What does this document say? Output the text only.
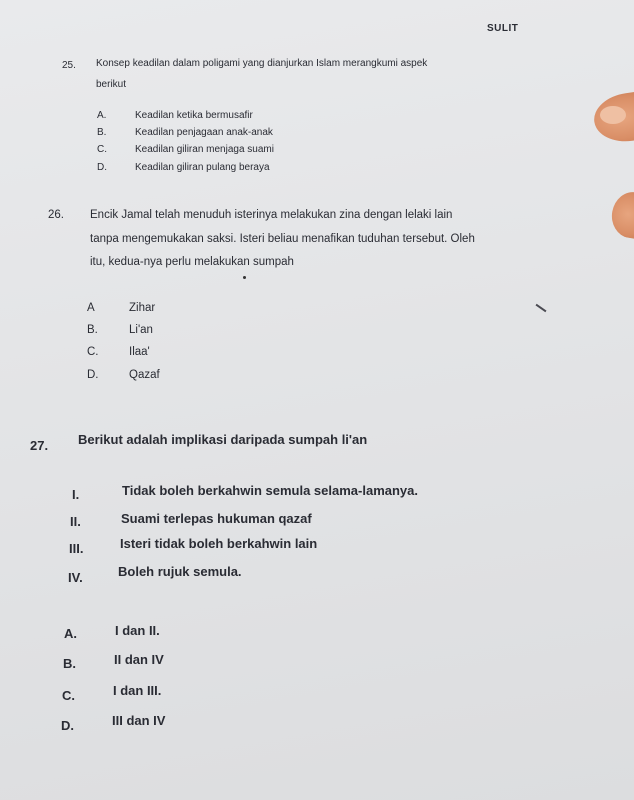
SULIT
25. Konsep keadilan dalam poligami yang dianjurkan Islam merangkumi aspek
berikut
A.	Keadilan ketika bermusafir
B.	Keadilan penjagaan anak-anak
C.	Keadilan giliran menjaga suami
D.	Keadilan giliran pulang beraya
26. Encik Jamal telah menuduh isterinya melakukan zina dengan lelaki lain
tanpa mengemukakan saksi. Isteri beliau menafikan tuduhan tersebut. Oleh
itu, kedua-nya perlu melakukan sumpah
A	Zihar
B.	Li'an
C.	Ilaa'
D.	Qazaf
27. Berikut adalah implikasi daripada sumpah li'an
I.	Tidak boleh berkahwin semula selama-lamanya.
II.	Suami terlepas hukuman qazaf
III.	Isteri tidak boleh berkahwin lain
IV.	Boleh rujuk semula.
A.	I dan II.
B.	II dan IV
C.	I dan III.
D.	III dan IV
